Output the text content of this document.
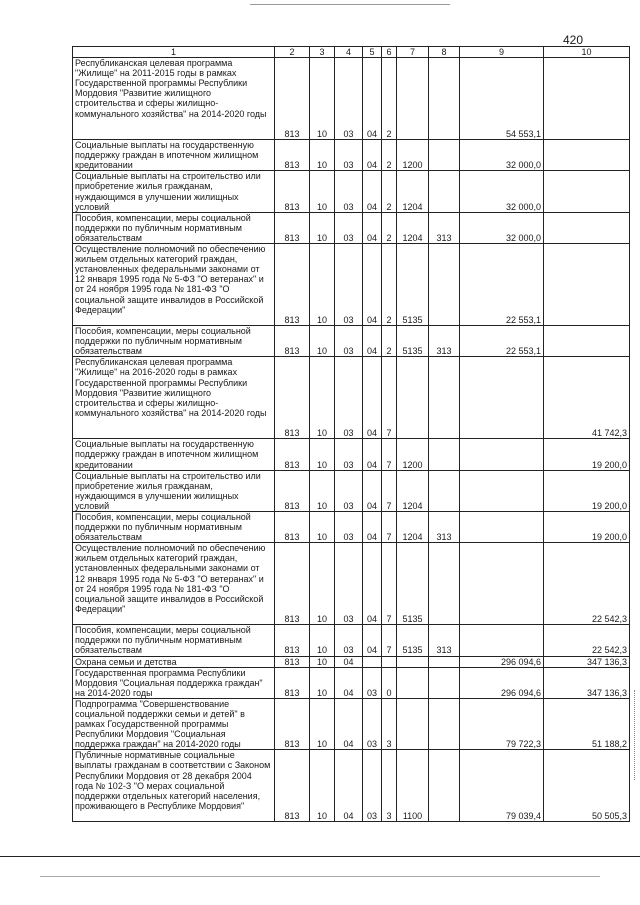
420
1	2	3	4	5	6	7	8	9	10
Республиканская целевая программа "Жилище" на 2011-2015 годы в рамках Государственной программы Республики Мордовия "Развитие жилищного строительства и сферы жилищно-коммунального хозяйства" на 2014-2020 годы	813	10	03	04	2			54 553,1	
Социальные выплаты на государственную поддержку граждан в ипотечном жилищном кредитовании	813	10	03	04	2	1200		32 000,0	
Социальные выплаты на строительство или приобретение жилья гражданам, нуждающимся в улучшении жилищных условий	813	10	03	04	2	1204		32 000,0	
Пособия, компенсации, меры социальной поддержки по публичным нормативным обязательствам	813	10	03	04	2	1204	313	32 000,0	
Осуществление полномочий по обеспечению жильем отдельных категорий граждан, установленных федеральными законами от 12 января 1995 года № 5-ФЗ "О ветеранах" и от 24 ноября 1995 года № 181-ФЗ "О социальной защите инвалидов в Российской Федерации"	813	10	03	04	2	5135		22 553,1	
Пособия, компенсации, меры социальной поддержки по публичным нормативным обязательствам	813	10	03	04	2	5135	313	22 553,1	
Республиканская целевая программа "Жилище" на 2016-2020 годы в рамках Государственной программы Республики Мордовия "Развитие жилищного строительства и сферы жилищно-коммунального хозяйства" на 2014-2020 годы	813	10	03	04	7				41 742,3
Социальные выплаты на государственную поддержку граждан в ипотечном жилищном кредитовании	813	10	03	04	7	1200			19 200,0
Социальные выплаты на строительство или приобретение жилья гражданам, нуждающимся в улучшении жилищных условий	813	10	03	04	7	1204			19 200,0
Пособия, компенсации, меры социальной поддержки по публичным нормативным обязательствам	813	10	03	04	7	1204	313		19 200,0
Осуществление полномочий по обеспечению жильем отдельных категорий граждан, установленных федеральными законами от 12 января 1995 года № 5-ФЗ "О ветеранах" и от 24 ноября 1995 года № 181-ФЗ "О социальной защите инвалидов в Российской Федерации"	813	10	03	04	7	5135			22 542,3
Пособия, компенсации, меры социальной поддержки по публичным нормативным обязательствам	813	10	03	04	7	5135	313		22 542,3
Охрана семьи и детства	813	10	04					296 094,6	347 136,3
Государственная программа Республики Мордовия "Социальная поддержка граждан" на 2014-2020 годы	813	10	04	03	0			296 094,6	347 136,3
Подпрограмма "Совершенствование социальной поддержки семьи и детей" в рамках Государственной программы Республики Мордовия "Социальная поддержка граждан" на 2014-2020 годы	813	10	04	03	3			79 722,3	51 188,2
Публичные нормативные социальные выплаты гражданам в соответствии с Законом Республики Мордовия от 28 декабря 2004 года № 102-З "О мерах социальной поддержки отдельных категорий населения, проживающего в Республике Мордовия"	813	10	04	03	3	1100		79 039,4	50 505,3
